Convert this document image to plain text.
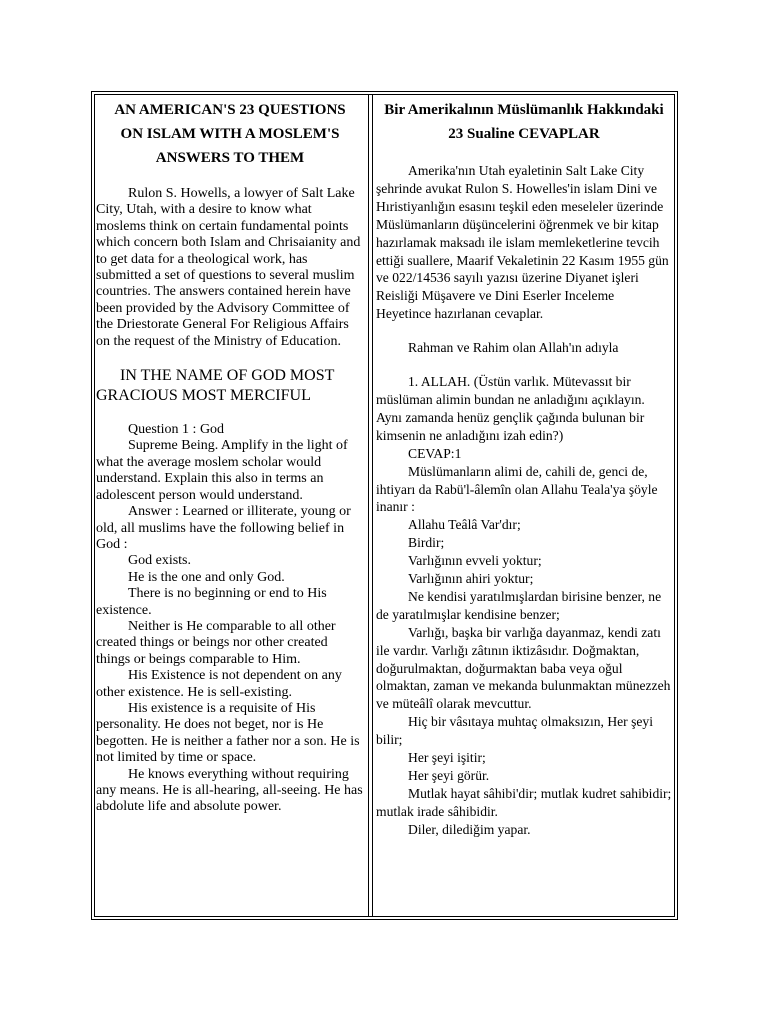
AN AMERICAN'S 23 QUESTIONS ON ISLAM WITH A MOSLEM'S ANSWERS TO THEM

Rulon S. Howells, a lowyer of Salt Lake City, Utah, with a desire to know what moslems think on certain fundamental points which concern both Islam and Chrisaianity and to get data for a theological work, has submitted a set of questions to several muslim countries. The answers contained herein have been provided by the Advisory Committee of the Driestorate General For Religious Affairs on the request of the Ministry of Education.

IN THE NAME OF GOD MOST GRACIOUS MOST MERCIFUL

Question 1 : God

Supreme Being. Amplify in the light of what the average moslem scholar would understand. Explain this also in terms an adolescent person would understand.

Answer : Learned or illiterate, young or old, all muslims have the following belief in God :

God exists.

He is the one and only God.

There is no beginning or end to His existence.

Neither is He comparable to all other created things or beings nor other created things or beings comparable to Him.

His Existence is not dependent on any other existence. He is sell-existing.

His existence is a requisite of His personality. He does not beget, nor is He begotten. He is neither a father nor a son. He is not limited by time or space.

He knows everything without requiring any means. He is all-hearing, all-seeing. He has abdolute life and absolute power.

Bir Amerikalının Müslümanlık Hakkındaki 23 Sualine CEVAPLAR

Amerika'nın Utah eyaletinin Salt Lake City şehrinde avukat Rulon S. Howelles'in islam Dini ve Hıristiyanlığın esasını teşkil eden meseleler üzerinde Müslümanların düşüncelerini öğrenmek ve bir kitap hazırlamak maksadı ile islam memleketlerine tevcih ettiği suallere, Maarif Vekaletinin 22 Kasım 1955 gün ve 022/14536 sayılı yazısı üzerine Diyanet işleri Reisliği Müşavere ve Dini Eserler Inceleme Heyetince hazırlanan cevaplar.

Rahman ve Rahim olan Allah'ın adıyla

1. ALLAH. (Üstün varlık. Mütevassıt bir müslüman alimin bundan ne anladığını açıklayın. Aynı zamanda henüz gençlik çağında bulunan bir kimsenin ne anladığını izah edin?)

CEVAP:1

Müslümanların alimi de, cahili de, genci de, ihtiyarı da Rabü'l-âlemîn olan Allahu Teala'ya şöyle inanır :

Allahu Teâlâ Var'dır;

Birdir;

Varlığının evveli yoktur;

Varlığının ahiri yoktur;

Ne kendisi yaratılmışlardan birisine benzer, ne de yaratılmışlar kendisine benzer;

Varlığı, başka bir varlığa dayanmaz, kendi zatı ile vardır. Varlığı zâtının iktizâsıdır. Doğmaktan, doğurulmaktan, doğurmaktan baba veya oğul olmaktan, zaman ve mekanda bulunmaktan münezzeh ve müteâlî olarak mevcuttur.

Hiç bir vâsıtaya muhtaç olmaksızın, Her şeyi bilir;

Her şeyi işitir;

Her şeyi görür.

Mutlak hayat sâhibi'dir; mutlak kudret sahibidir; mutlak irade sâhibidir.

Diler, dilediğim yapar.
